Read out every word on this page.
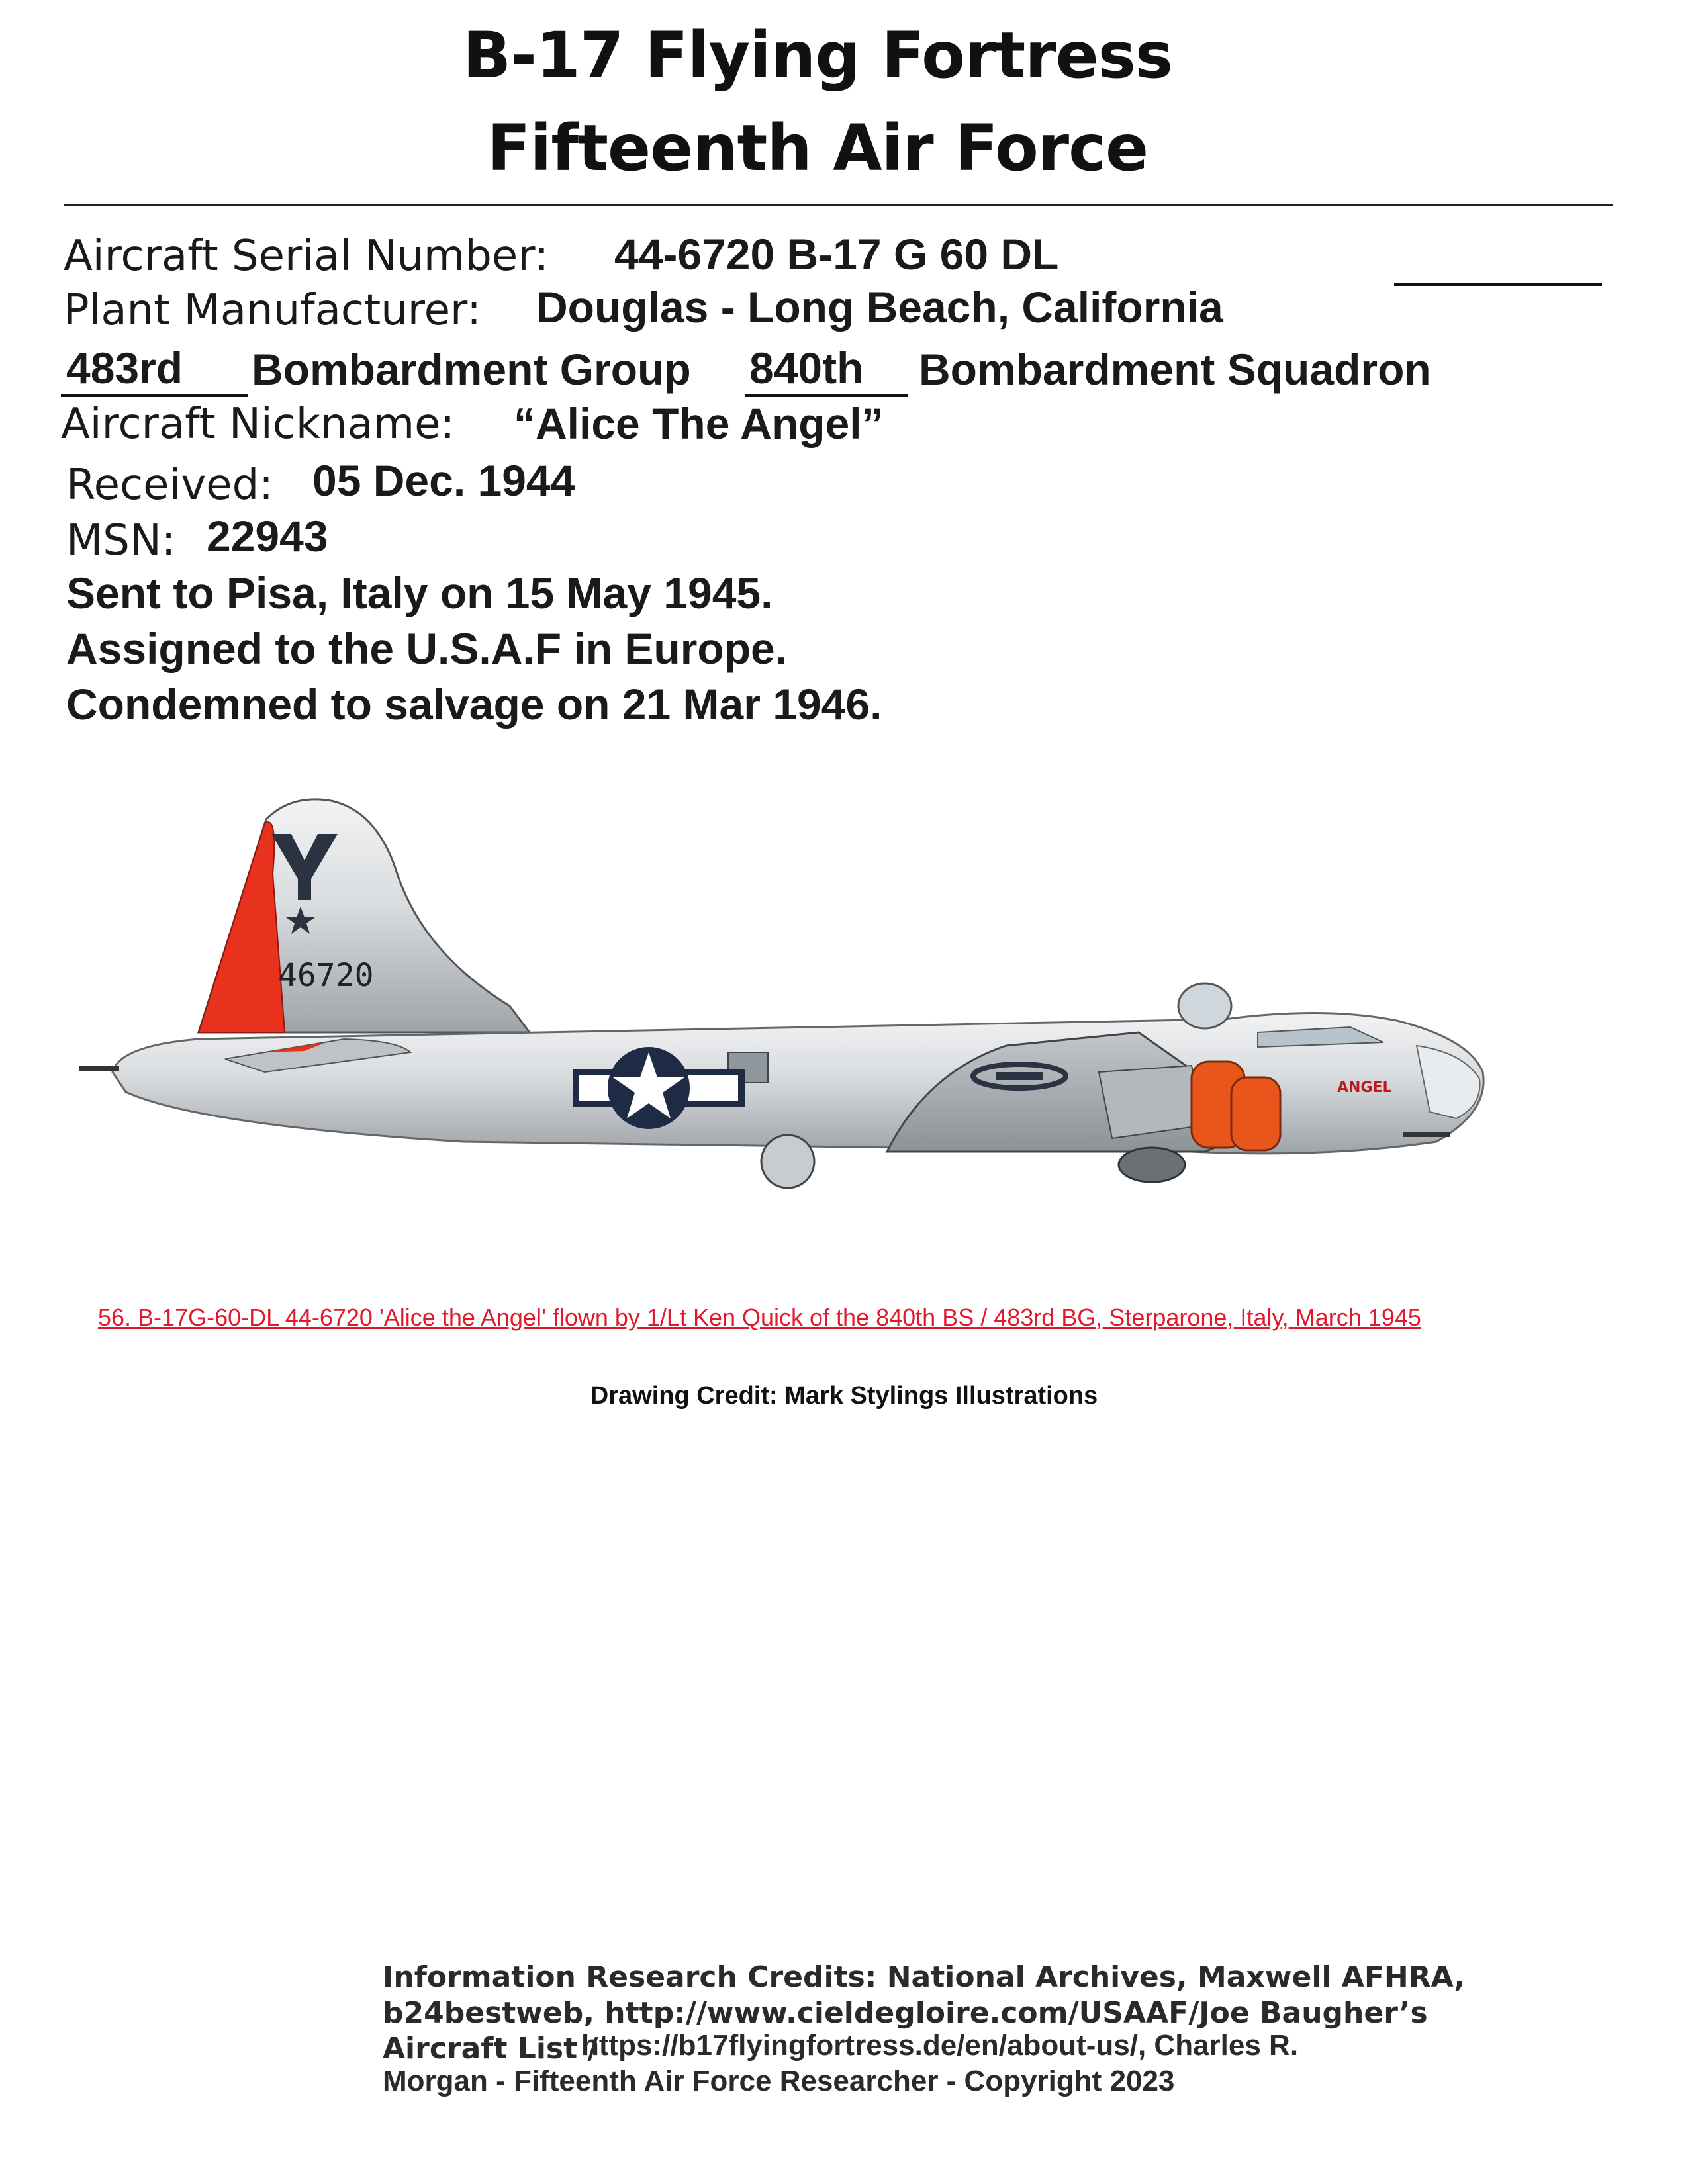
B-17 Flying Fortress
Fifteenth Air Force
Aircraft Serial Number: 44-6720 B-17 G 60 DL
Plant Manufacturer: Douglas - Long Beach, California
483rd Bombardment Group 840th Bombardment Squadron
Aircraft Nickname: “Alice The Angel”
Received: 05 Dec. 1944
MSN: 22943
Sent to Pisa, Italy on 15 May 1945.
Assigned to the U.S.A.F in Europe.
Condemned to salvage on 21 Mar 1946.
46720
ANGEL
56. B-17G-60-DL 44-6720 'Alice the Angel' flown by 1/Lt Ken Quick of the 840th BS / 483rd BG, Sterparone, Italy, March 1945
Drawing Credit: Mark Stylings Illustrations
Information Research Credits: National Archives, Maxwell AFHRA,
b24bestweb, http://www.cieldegloire.com/USAAF/Joe Baugher’s
Aircraft List /
https://b17flyingfortress.de/en/about-us/, Charles R.
Morgan - Fifteenth Air Force Researcher - Copyright 2023
